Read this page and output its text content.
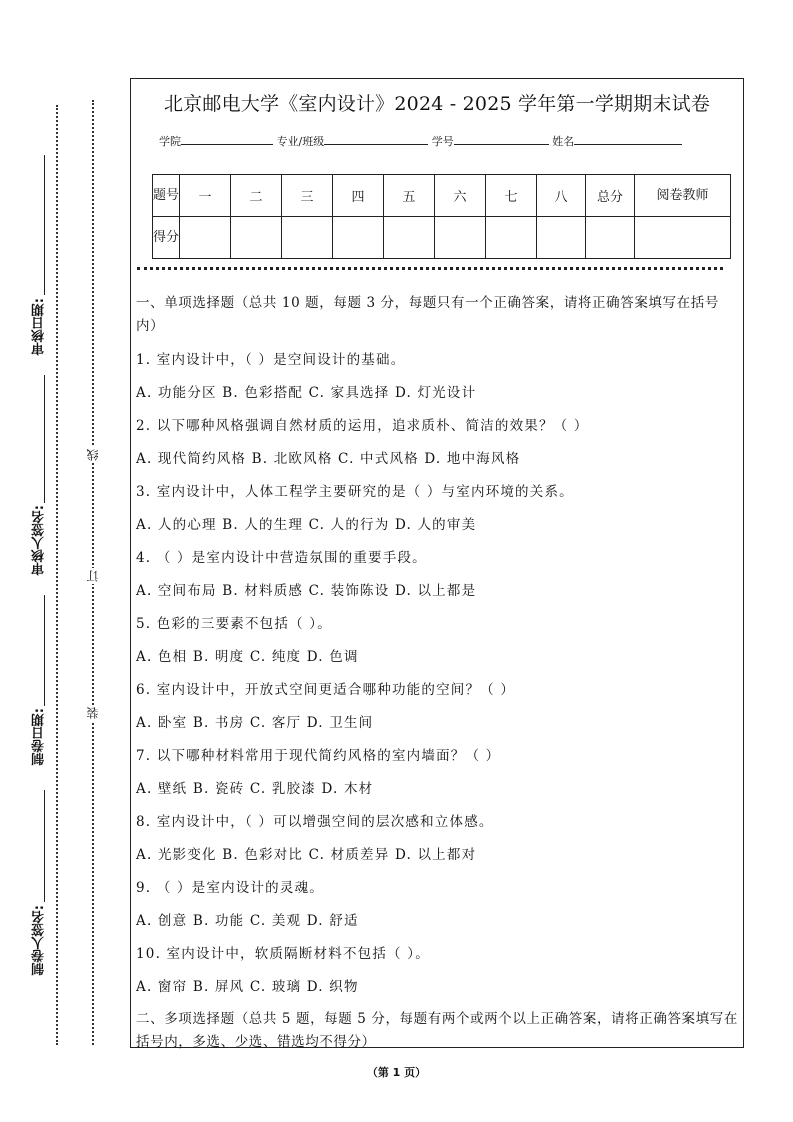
审核日期:
审核人签名:
制卷日期:
制卷人签名:
线
订
装
北京邮电大学《室内设计》2024 - 2025 学年第一学期期末试卷
学院	专业/班级	学号	姓名
题号	一	二	三	四	五	六	七	八	总分	阅卷教师
得分										
一、单项选择题（总共 10 题，每题 3 分，每题只有一个正确答案，请将正确答案填写在括号内）
1. 室内设计中，（ ）是空间设计的基础。
A. 功能分区 B. 色彩搭配 C. 家具选择 D. 灯光设计
2. 以下哪种风格强调自然材质的运用，追求质朴、简洁的效果？（ ）
A. 现代简约风格 B. 北欧风格 C. 中式风格 D. 地中海风格
3. 室内设计中，人体工程学主要研究的是（ ）与室内环境的关系。
A. 人的心理 B. 人的生理 C. 人的行为 D. 人的审美
4. （ ）是室内设计中营造氛围的重要手段。
A. 空间布局 B. 材料质感 C. 装饰陈设 D. 以上都是
5. 色彩的三要素不包括（ ）。
A. 色相 B. 明度 C. 纯度 D. 色调
6. 室内设计中，开放式空间更适合哪种功能的空间？（ ）
A. 卧室 B. 书房 C. 客厅 D. 卫生间
7. 以下哪种材料常用于现代简约风格的室内墙面？（ ）
A. 壁纸 B. 瓷砖 C. 乳胶漆 D. 木材
8. 室内设计中，（ ）可以增强空间的层次感和立体感。
A. 光影变化 B. 色彩对比 C. 材质差异 D. 以上都对
9. （ ）是室内设计的灵魂。
A. 创意 B. 功能 C. 美观 D. 舒适
10. 室内设计中，软质隔断材料不包括（ ）。
A. 窗帘 B. 屏风 C. 玻璃 D. 织物
二、多项选择题（总共 5 题，每题 5 分，每题有两个或两个以上正确答案，请将正确答案填写在括号内，多选、少选、错选均不得分）
（第 1 页）
